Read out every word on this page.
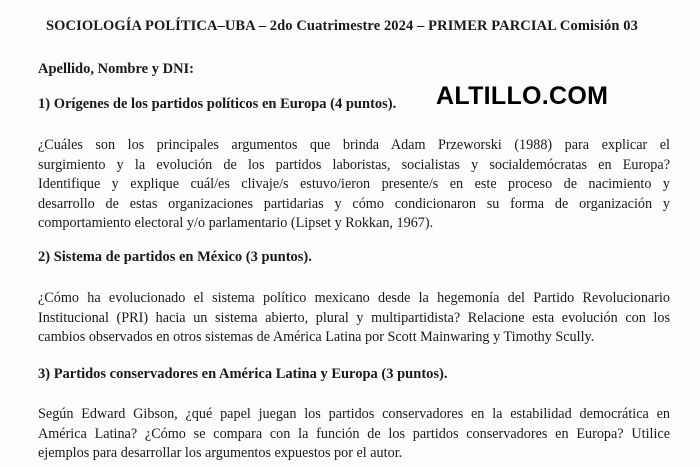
SOCIOLOGÍA POLÍTICA–UBA – 2do Cuatrimestre 2024 – PRIMER PARCIAL Comisión 03
Apellido, Nombre y DNI:
ALTILLO.COM
1) Orígenes de los partidos políticos en Europa (4 puntos).
¿Cuáles son los principales argumentos que brinda Adam Przeworski (1988) para explicar el
surgimiento y la evolución de los partidos laboristas, socialistas y socialdemócratas en Europa?
Identifique y explique cuál/es clivaje/s estuvo/ieron presente/s en este proceso de nacimiento y
desarrollo de estas organizaciones partidarias y cómo condicionaron su forma de organización y
comportamiento electoral y/o parlamentario (Lipset y Rokkan, 1967).
2) Sistema de partidos en México (3 puntos).
¿Cómo ha evolucionado el sistema político mexicano desde la hegemonía del Partido Revolucionario
Institucional (PRI) hacia un sistema abierto, plural y multipartidista? Relacione esta evolución con los
cambios observados en otros sistemas de América Latina por Scott Mainwaring y Timothy Scully.
3) Partidos conservadores en América Latina y Europa (3 puntos).
Según Edward Gibson, ¿qué papel juegan los partidos conservadores en la estabilidad democrática en
América Latina? ¿Cómo se compara con la función de los partidos conservadores en Europa? Utilice
ejemplos para desarrollar los argumentos expuestos por el autor.
